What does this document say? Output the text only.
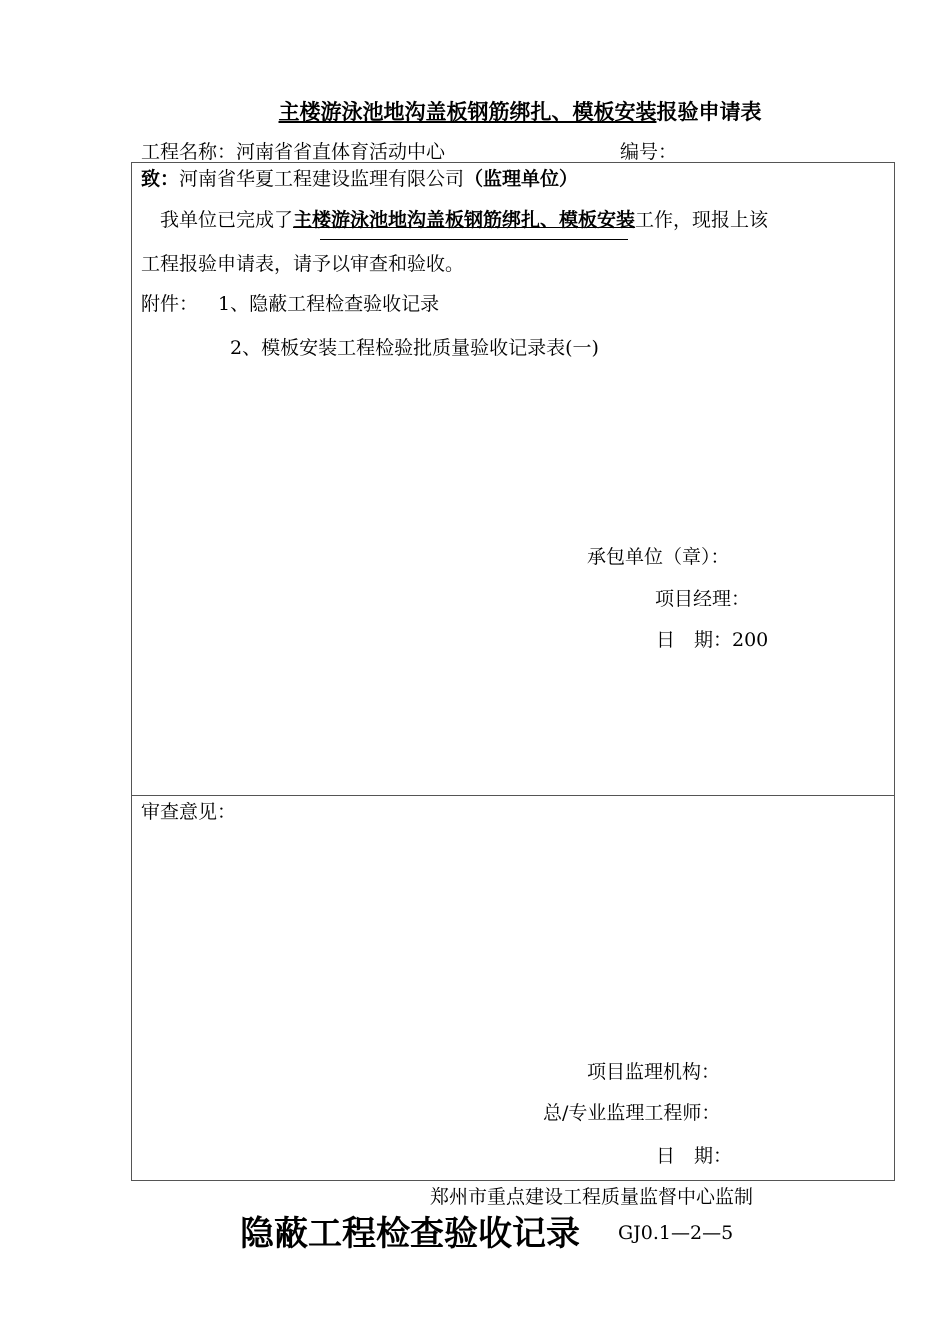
主楼游泳池地沟盖板钢筋绑扎、模板安装报验申请表
工程名称：河南省省直体育活动中心	编号：
致：河南省华夏工程建设监理有限公司（监理单位）
我单位已完成了主楼游泳池地沟盖板钢筋绑扎、模板安装工作，现报上该
工程报验申请表，请予以审查和验收。
附件： 1、隐蔽工程检查验收记录
2、模板安装工程检验批质量验收记录表(一)
承包单位（章）：
项目经理：
日　期：200
审查意见：
项目监理机构：
总/专业监理工程师：
日　期：
郑州市重点建设工程质量监督中心监制
隐蔽工程检查验收记录 GJ0.1—2—5
